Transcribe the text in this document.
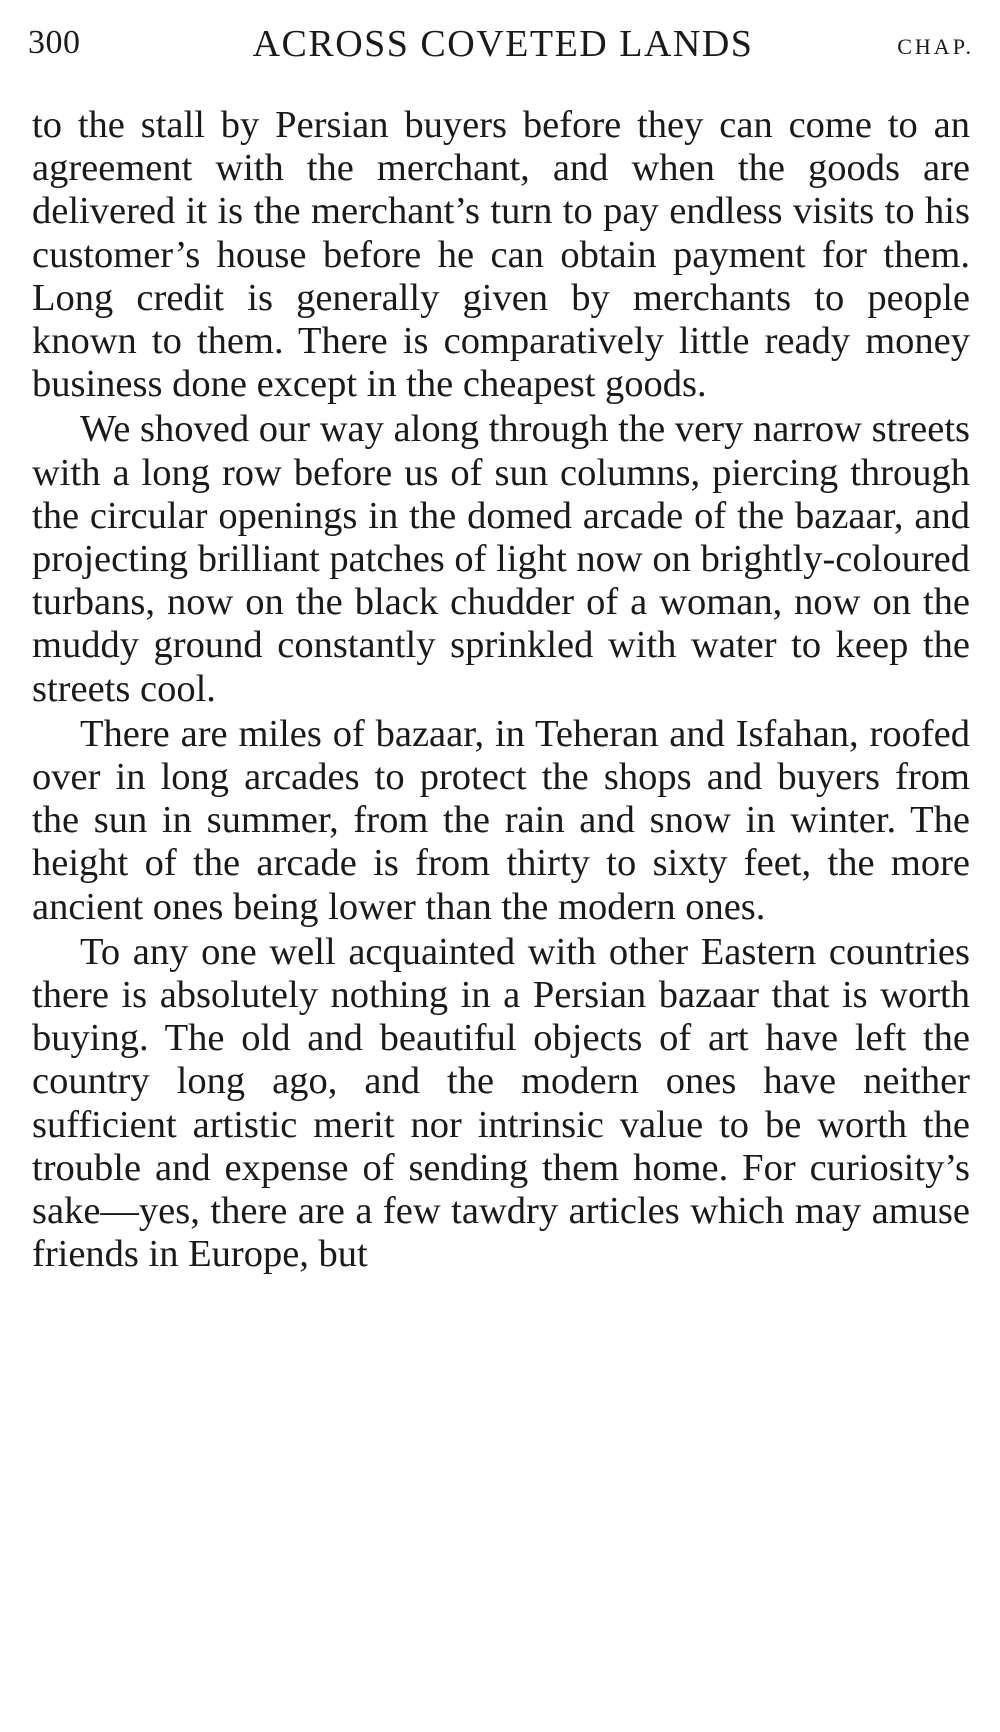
300	ACROSS COVETED LANDS	CHAP.

to the stall by Persian buyers before they can come to an agreement with the merchant, and when the goods are delivered it is the merchant’s turn to pay endless visits to his customer’s house before he can obtain payment for them. Long credit is generally given by merchants to people known to them. There is comparatively little ready money business done except in the cheapest goods.

We shoved our way along through the very narrow streets with a long row before us of sun columns, piercing through the circular openings in the domed arcade of the bazaar, and projecting brilliant patches of light now on brightly-coloured turbans, now on the black chudder of a woman, now on the muddy ground constantly sprinkled with water to keep the streets cool.

There are miles of bazaar, in Teheran and Isfahan, roofed over in long arcades to protect the shops and buyers from the sun in summer, from the rain and snow in winter. The height of the arcade is from thirty to sixty feet, the more ancient ones being lower than the modern ones.

To any one well acquainted with other Eastern countries there is absolutely nothing in a Persian bazaar that is worth buying. The old and beautiful objects of art have left the country long ago, and the modern ones have neither sufficient artistic merit nor intrinsic value to be worth the trouble and expense of sending them home. For curiosity’s sake—yes, there are a few tawdry articles which may amuse friends in Europe, but
